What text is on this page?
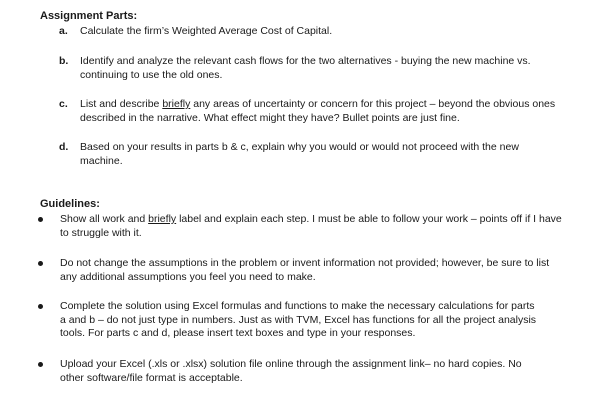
Assignment Parts:
a. Calculate the firm’s Weighted Average Cost of Capital.
b. Identify and analyze the relevant cash flows for the two alternatives - buying the new machine vs.
continuing to use the old ones.
c. List and describe briefly any areas of uncertainty or concern for this project – beyond the obvious ones
described in the narrative. What effect might they have? Bullet points are just fine.
d. Based on your results in parts b & c, explain why you would or would not proceed with the new
machine.
Guidelines:
Show all work and briefly label and explain each step. I must be able to follow your work – points off if I have
to struggle with it.
Do not change the assumptions in the problem or invent information not provided; however, be sure to list
any additional assumptions you feel you need to make.
Complete the solution using Excel formulas and functions to make the necessary calculations for parts
a and b – do not just type in numbers. Just as with TVM, Excel has functions for all the project analysis
tools. For parts c and d, please insert text boxes and type in your responses.
Upload your Excel (.xls or .xlsx) solution file online through the assignment link– no hard copies. No
other software/file format is acceptable.
